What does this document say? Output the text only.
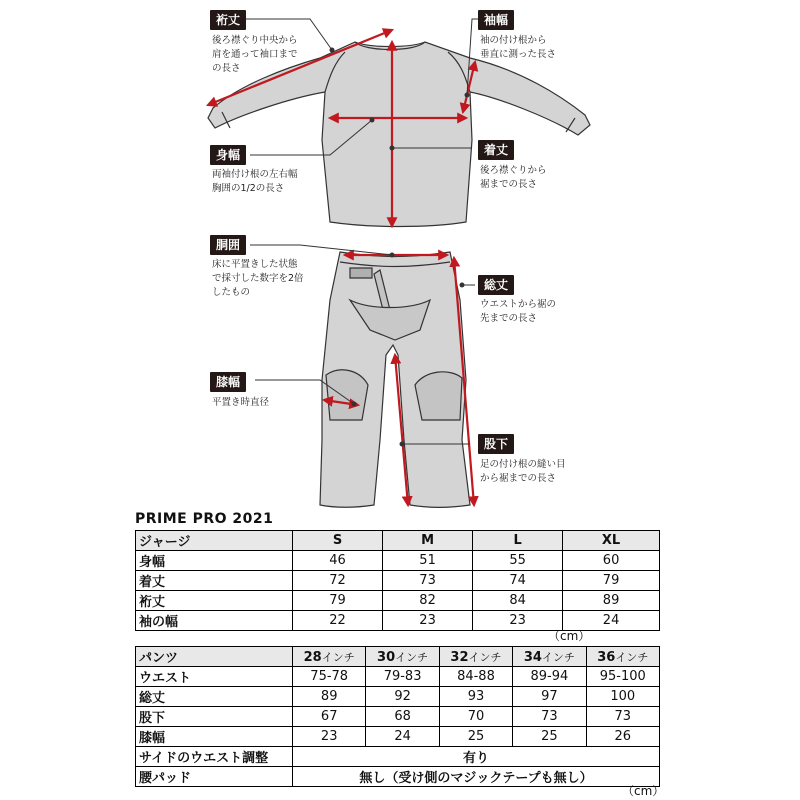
裄丈
後ろ襟ぐり中央から
肩を通って袖口まで
の長さ
袖幅
袖の付け根から
垂直に測った長さ
身幅
両袖付け根の左右幅
胸囲の1/2の長さ
着丈
後ろ襟ぐりから
裾までの長さ
胴囲
床に平置きした状態
で採寸した数字を2倍
したもの
総丈
ウエストから裾の
先までの長さ
膝幅
平置き時直径
股下
足の付け根の縫い目
から裾までの長さ
PRIME PRO 2021
ジャージ	S	M	L	XL
身幅	46	51	55	60
着丈	72	73	74	79
裄丈	79	82	84	89
袖の幅	22	23	23	24
（cm）
パンツ	28インチ	30インチ	32インチ	34インチ	36インチ
ウエスト	75-78	79-83	84-88	89-94	95-100
総丈	89	92	93	97	100
股下	67	68	70	73	73
膝幅	23	24	25	25	26
サイドのウエスト調整	有り				
腰パッド	無し（受け側のマジックテープも無し）				
（cm）
